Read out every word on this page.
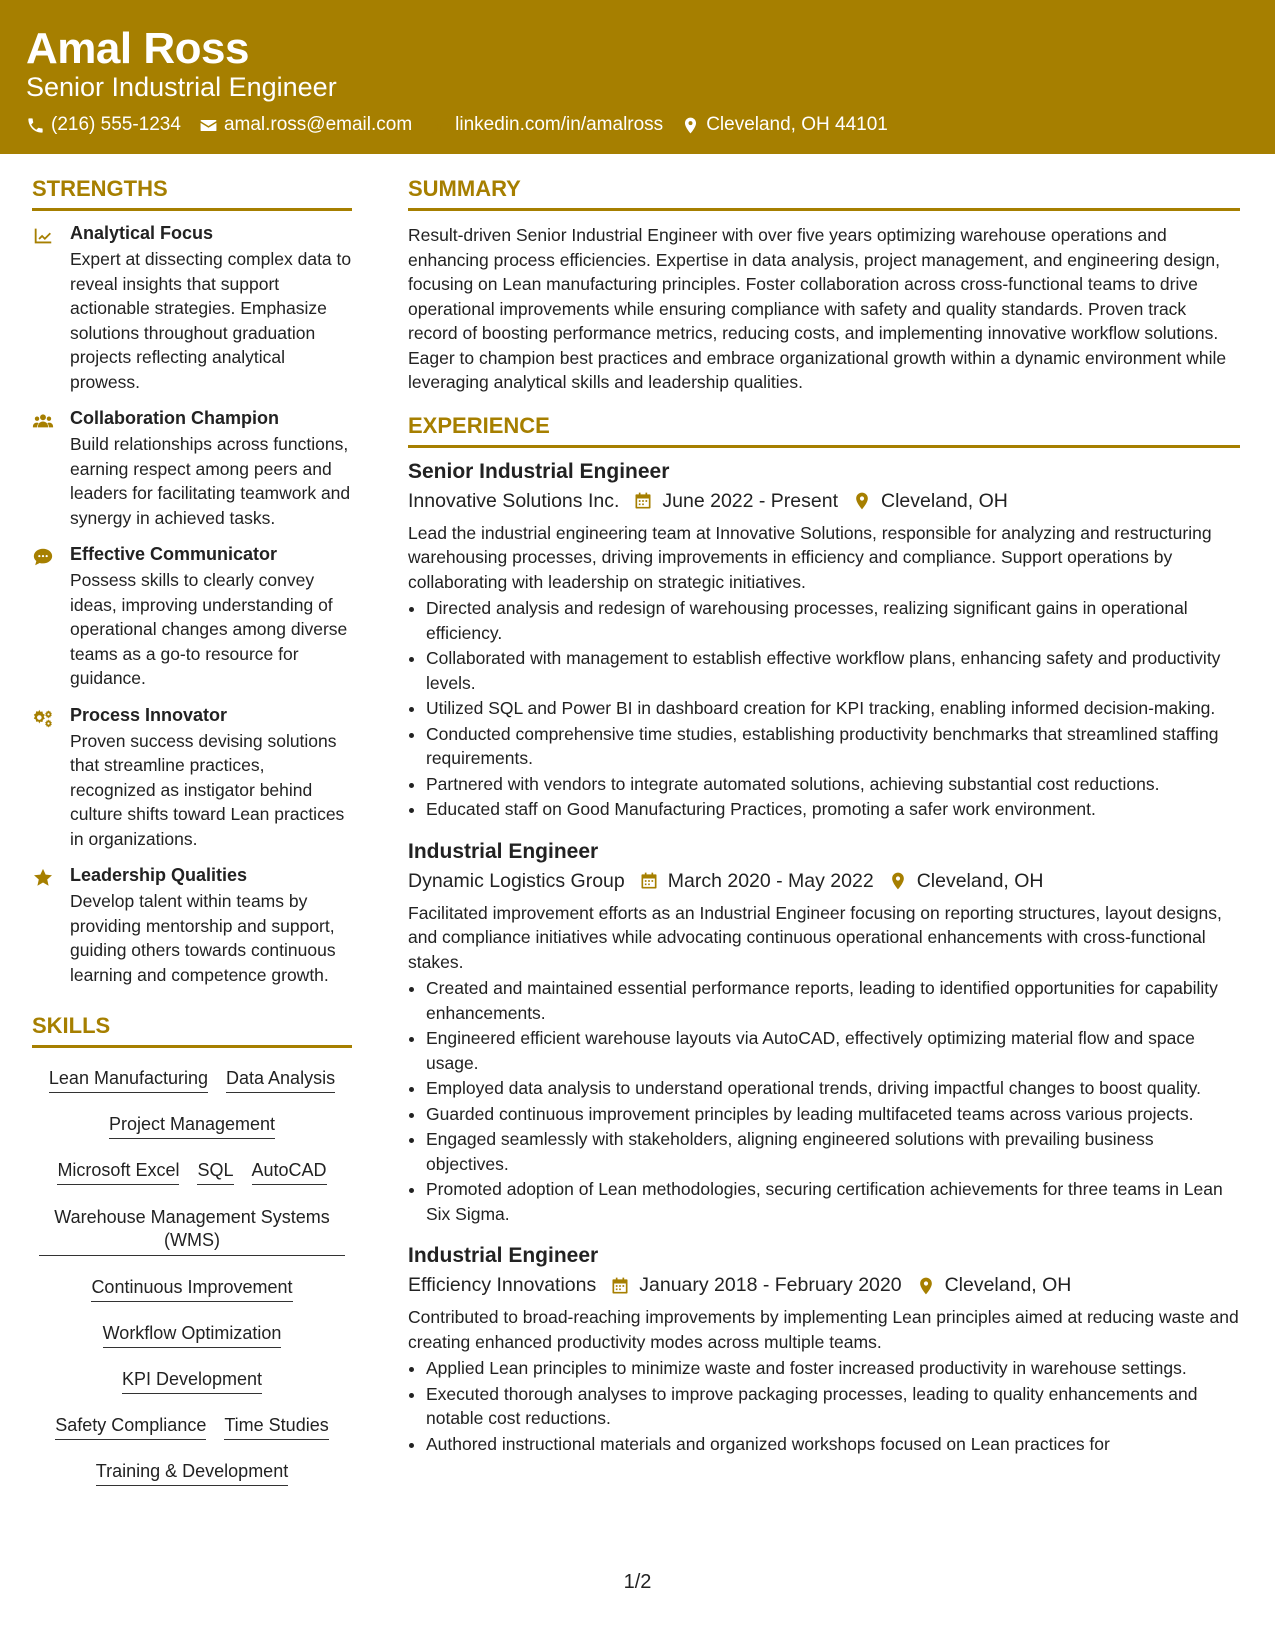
Amal Ross
Senior Industrial Engineer
(216) 555-1234 amal.ross@email.com linkedin.com/in/amalross Cleveland, OH 44101
STRENGTHS
Analytical Focus
Expert at dissecting complex data to reveal insights that support actionable strategies. Emphasize solutions throughout graduation projects reflecting analytical prowess.
Collaboration Champion
Build relationships across functions, earning respect among peers and leaders for facilitating teamwork and synergy in achieved tasks.
Effective Communicator
Possess skills to clearly convey ideas, improving understanding of operational changes among diverse teams as a go-to resource for guidance.
Process Innovator
Proven success devising solutions that streamline practices, recognized as instigator behind culture shifts toward Lean practices in organizations.
Leadership Qualities
Develop talent within teams by providing mentorship and support, guiding others towards continuous learning and competence growth.
SKILLS
Lean Manufacturing Data Analysis
Project Management
Microsoft Excel SQL AutoCAD
Warehouse Management Systems (WMS)
Continuous Improvement
Workflow Optimization
KPI Development
Safety Compliance Time Studies
Training & Development
SUMMARY
Result-driven Senior Industrial Engineer with over five years optimizing warehouse operations and enhancing process efficiencies. Expertise in data analysis, project management, and engineering design, focusing on Lean manufacturing principles. Foster collaboration across cross-functional teams to drive operational improvements while ensuring compliance with safety and quality standards. Proven track record of boosting performance metrics, reducing costs, and implementing innovative workflow solutions. Eager to champion best practices and embrace organizational growth within a dynamic environment while leveraging analytical skills and leadership qualities.
EXPERIENCE
Senior Industrial Engineer
Innovative Solutions Inc. June 2022 - Present Cleveland, OH
Lead the industrial engineering team at Innovative Solutions, responsible for analyzing and restructuring warehousing processes, driving improvements in efficiency and compliance. Support operations by collaborating with leadership on strategic initiatives.
• Directed analysis and redesign of warehousing processes, realizing significant gains in operational efficiency.
• Collaborated with management to establish effective workflow plans, enhancing safety and productivity levels.
• Utilized SQL and Power BI in dashboard creation for KPI tracking, enabling informed decision-making.
• Conducted comprehensive time studies, establishing productivity benchmarks that streamlined staffing requirements.
• Partnered with vendors to integrate automated solutions, achieving substantial cost reductions.
• Educated staff on Good Manufacturing Practices, promoting a safer work environment.
Industrial Engineer
Dynamic Logistics Group March 2020 - May 2022 Cleveland, OH
Facilitated improvement efforts as an Industrial Engineer focusing on reporting structures, layout designs, and compliance initiatives while advocating continuous operational enhancements with cross-functional stakes.
• Created and maintained essential performance reports, leading to identified opportunities for capability enhancements.
• Engineered efficient warehouse layouts via AutoCAD, effectively optimizing material flow and space usage.
• Employed data analysis to understand operational trends, driving impactful changes to boost quality.
• Guarded continuous improvement principles by leading multifaceted teams across various projects.
• Engaged seamlessly with stakeholders, aligning engineered solutions with prevailing business objectives.
• Promoted adoption of Lean methodologies, securing certification achievements for three teams in Lean Six Sigma.
Industrial Engineer
Efficiency Innovations January 2018 - February 2020 Cleveland, OH
Contributed to broad-reaching improvements by implementing Lean principles aimed at reducing waste and creating enhanced productivity modes across multiple teams.
• Applied Lean principles to minimize waste and foster increased productivity in warehouse settings.
• Executed thorough analyses to improve packaging processes, leading to quality enhancements and notable cost reductions.
• Authored instructional materials and organized workshops focused on Lean practices for
1/2
